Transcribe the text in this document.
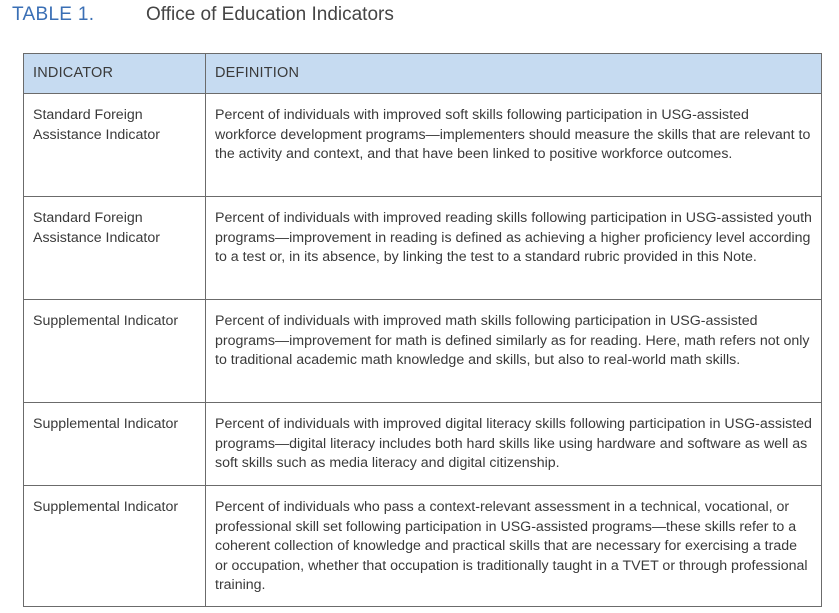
TABLE 1.	Office of Education Indicators
INDICATOR	DEFINITION
Standard Foreign Assistance Indicator	Percent of individuals with improved soft skills following participation in USG-assisted workforce development programs—implementers should measure the skills that are relevant to the activity and context, and that have been linked to positive workforce outcomes.
Standard Foreign Assistance Indicator	Percent of individuals with improved reading skills following participation in USG-assisted youth programs—improvement in reading is defined as achieving a higher proficiency level according to a test or, in its absence, by linking the test to a standard rubric provided in this Note.
Supplemental Indicator	Percent of individuals with improved math skills following participation in USG-assisted programs—improvement for math is defined similarly as for reading. Here, math refers not only to traditional academic math knowledge and skills, but also to real-world math skills.
Supplemental Indicator	Percent of individuals with improved digital literacy skills following participation in USG-assisted programs—digital literacy includes both hard skills like using hardware and software as well as soft skills such as media literacy and digital citizenship.
Supplemental Indicator	Percent of individuals who pass a context-relevant assessment in a technical, vocational, or professional skill set following participation in USG-assisted programs—these skills refer to a coherent collection of knowledge and practical skills that are necessary for exercising a trade or occupation, whether that occupation is traditionally taught in a TVET or through professional training.
